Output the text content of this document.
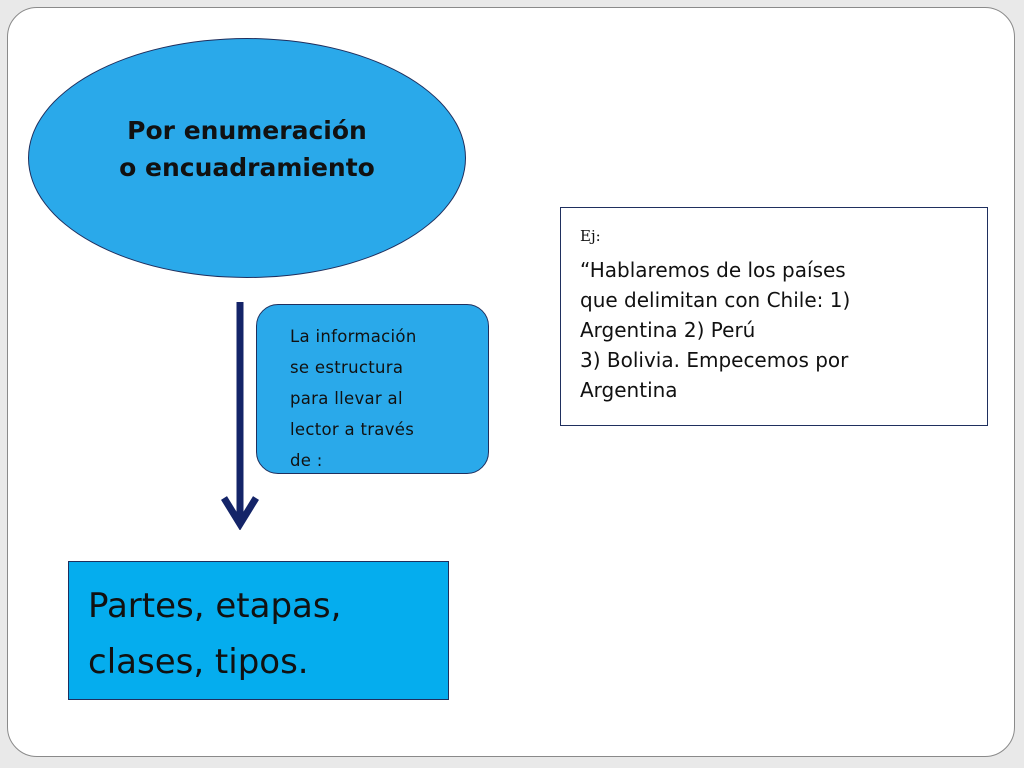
Por enumeración
o encuadramiento
La información
se estructura
para llevar al
lector a través
de :
Ej:
“Hablaremos de los países
que delimitan con Chile: 1)
Argentina 2) Perú
3) Bolivia. Empecemos por
Argentina
Partes, etapas,
clases, tipos.
